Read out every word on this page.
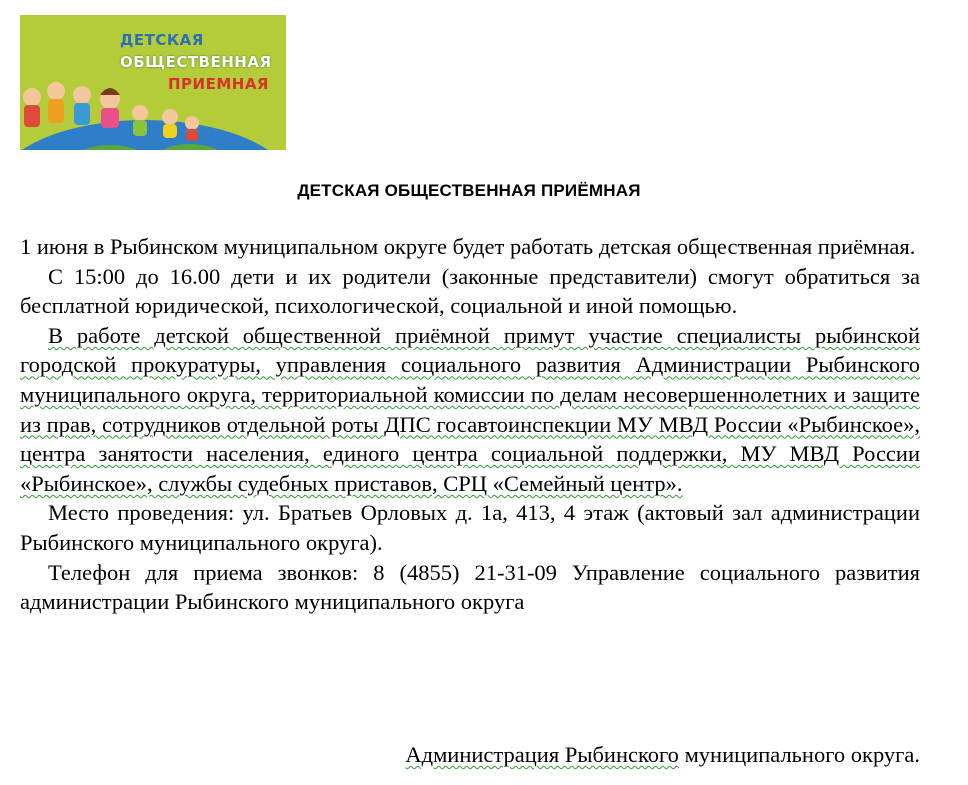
ДЕТСКАЯ
ОБЩЕСТВЕННАЯ
ПРИЕМНАЯ
ДЕТСКАЯ ОБЩЕСТВЕННАЯ ПРИЁМНАЯ

1 июня в Рыбинском муниципальном округе будет работать детская общественная приёмная.

С 15:00 до 16.00 дети и их родители (законные представители) смогут обратиться за бесплатной юридической, психологической, социальной и иной помощью.

В работе детской общественной приёмной примут участие специалисты рыбинской городской прокуратуры, управления социального развития Администрации Рыбинского муниципального округа, территориальной комиссии по делам несовершеннолетних и защите из прав, сотрудников отдельной роты ДПС госавтоинспекции МУ МВД России «Рыбинское», центра занятости населения, единого центра социальной поддержки, МУ МВД России «Рыбинское», службы судебных приставов, СРЦ «Семейный центр».

Место проведения: ул. Братьев Орловых д. 1а, 413, 4 этаж (актовый зал администрации Рыбинского муниципального округа).

Телефон для приема звонков: 8 (4855) 21-31-09 Управление социального развития администрации Рыбинского муниципального округа

Администрация Рыбинского муниципального округа.
